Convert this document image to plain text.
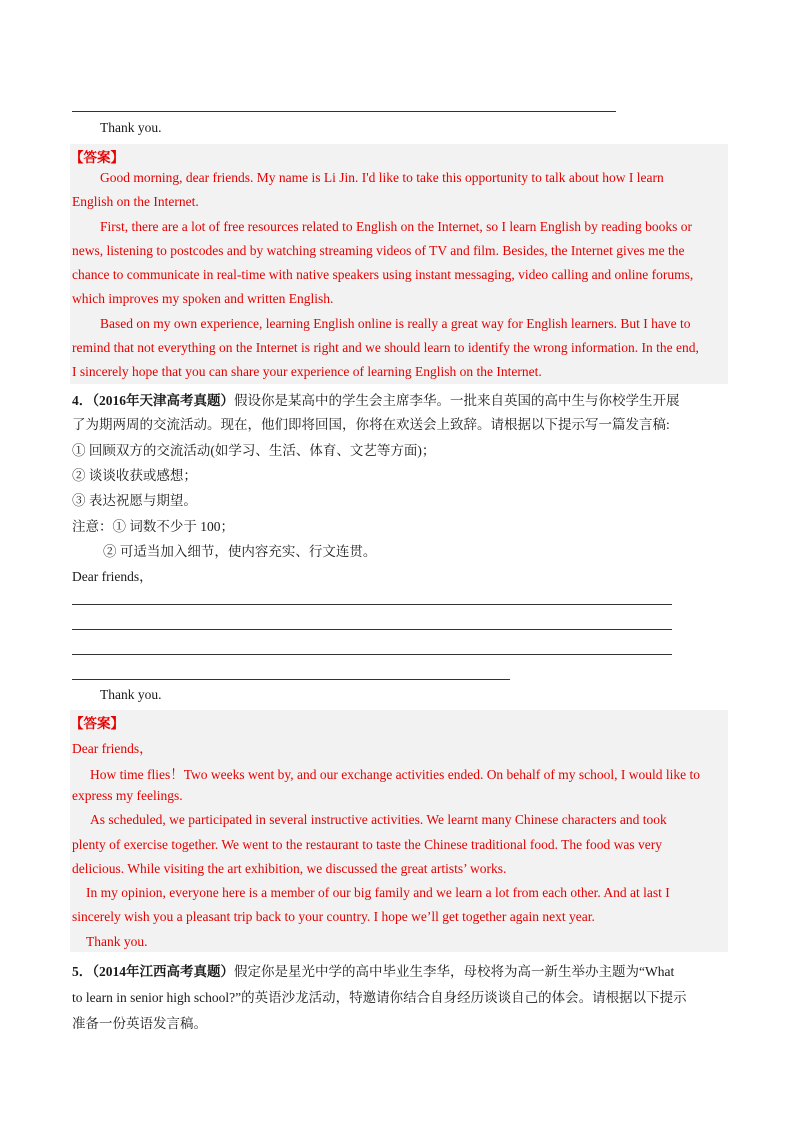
Thank you.
【答案】
Good morning, dear friends. My name is Li Jin. I'd like to take this opportunity to talk about how I learn
English on the Internet.
First, there are a lot of free resources related to English on the Internet, so I learn English by reading books or
news, listening to postcodes and by watching streaming videos of TV and film. Besides, the Internet gives me the
chance to communicate in real-time with native speakers using instant messaging, video calling and online forums,
which improves my spoken and written English.
Based on my own experience, learning English online is really a great way for English learners. But I have to
remind that not everything on the Internet is right and we should learn to identify the wrong information. In the end,
I sincerely hope that you can share your experience of learning English on the Internet.
4．（2016年天津高考真题）假设你是某高中的学生会主席李华。一批来自英国的高中生与你校学生开展
了为期两周的交流活动。现在，他们即将回国，你将在欢送会上致辞。请根据以下提示写一篇发言稿:
① 回顾双方的交流活动(如学习、生活、体育、文艺等方面)；
② 谈谈收获或感想；
③ 表达祝愿与期望。
注意：① 词数不少于 100；
② 可适当加入细节，使内容充实、行文连贯。
Dear friends，
Thank you.
【答案】
Dear friends，
How time flies！Two weeks went by, and our exchange activities ended. On behalf of my school, I would like to
express my feelings.
As scheduled, we participated in several instructive activities. We learnt many Chinese characters and took
plenty of exercise together. We went to the restaurant to taste the Chinese traditional food. The food was very
delicious. While visiting the art exhibition, we discussed the great artists’ works.
In my opinion, everyone here is a member of our big family and we learn a lot from each other. And at last I
sincerely wish you a pleasant trip back to your country. I hope we’ll get together again next year.
Thank you.
5．（2014年江西高考真题）假定你是星光中学的高中毕业生李华，母校将为高一新生举办主题为“What
to learn in senior high school?”的英语沙龙活动，特邀请你结合自身经历谈谈自己的体会。请根据以下提示
准备一份英语发言稿。
